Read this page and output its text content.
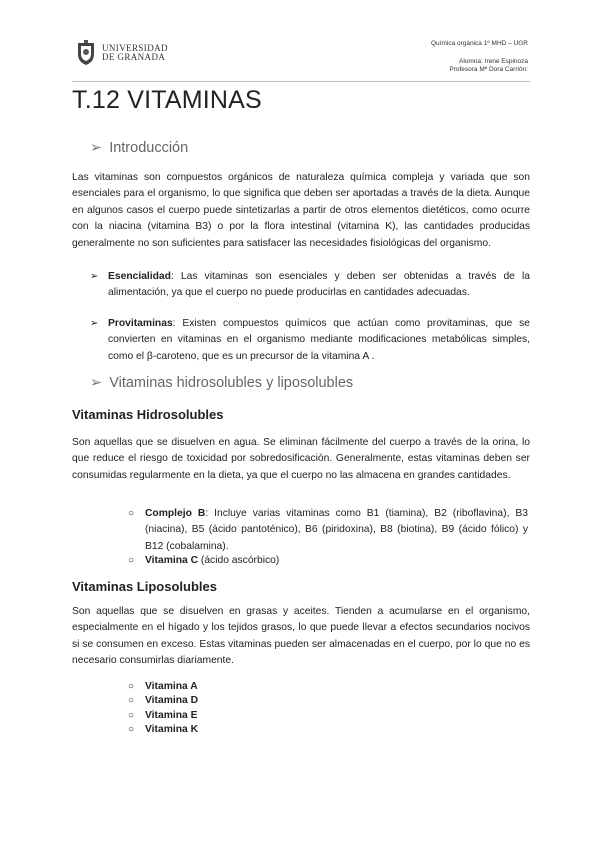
UNIVERSIDAD
DE GRANADA
Química orgánica 1º MHD – UGR
Alumna: Irene Espinoza
Profesora Mª Dora Carrión:
T.12 VITAMINAS
➢ Introducción

Las vitaminas son compuestos orgánicos de naturaleza química compleja y variada que son esenciales para el organismo, lo que significa que deben ser aportadas a través de la dieta. Aunque en algunos casos el cuerpo puede sintetizarlas a partir de otros elementos dietéticos, como ocurre con la niacina (vitamina B3) o por la flora intestinal (vitamina K), las cantidades producidas generalmente no son suficientes para satisfacer las necesidades fisiológicas del organismo.

➢ Esencialidad: Las vitaminas son esenciales y deben ser obtenidas a través de la alimentación, ya que el cuerpo no puede producirlas en cantidades adecuadas.
➢ Provitaminas: Existen compuestos químicos que actúan como provitaminas, que se convierten en vitaminas en el organismo mediante modificaciones metabólicas simples, como el β-caroteno, que es un precursor de la vitamina A .
➢ Vitaminas hidrosolubles y liposolubles
Vitaminas Hidrosolubles

Son aquellas que se disuelven en agua. Se eliminan fácilmente del cuerpo a través de la orina, lo que reduce el riesgo de toxicidad por sobredosificación. Generalmente, estas vitaminas deben ser consumidas regularmente en la dieta, ya que el cuerpo no las almacena en grandes cantidades.

○ Complejo B: Incluye varias vitaminas como B1 (tiamina), B2 (riboflavina), B3 (niacina), B5 (ácido pantoténico), B6 (piridoxina), B8 (biotina), B9 (ácido fólico) y B12 (cobalamina).
○ Vitamina C (ácido ascórbico)
Vitaminas Liposolubles

Son aquellas que se disuelven en grasas y aceites. Tienden a acumularse en el organismo, especialmente en el hígado y los tejidos grasos, lo que puede llevar a efectos secundarios nocivos si se consumen en exceso. Estas vitaminas pueden ser almacenadas en el cuerpo, por lo que no es necesario consumirlas diariamente.

○ Vitamina A
○ Vitamina D
○ Vitamina E
○ Vitamina K
